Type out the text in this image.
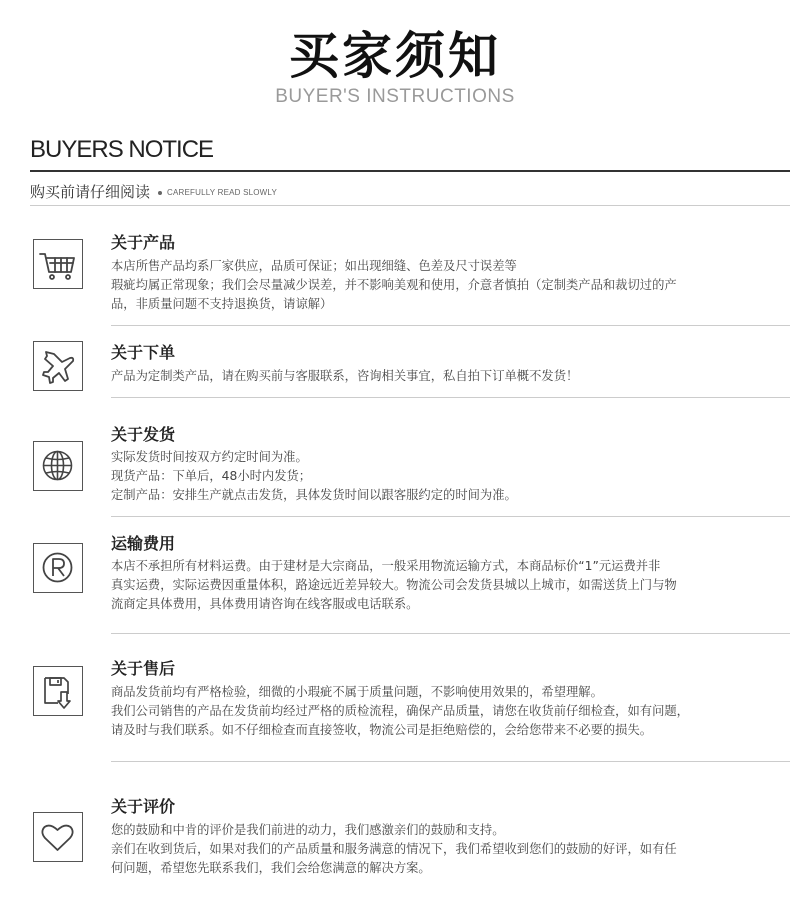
买家须知
BUYER'S INSTRUCTIONS
BUYERS NOTICE
购买前请仔细阅读 CAREFULLY READ SLOWLY
关于产品
本店所售产品均系厂家供应，品质可保证；如出现细缝、色差及尺寸误差等
瑕疵均属正常现象；我们会尽量减少误差，并不影响美观和使用，介意者慎拍（定制类产品和裁切过的产
品，非质量问题不支持退换货，请谅解）
关于下单
产品为定制类产品，请在购买前与客服联系，咨询相关事宜，私自拍下订单概不发货！
关于发货
实际发货时间按双方约定时间为准。
现货产品：下单后，48小时内发货；
定制产品：安排生产就点击发货，具体发货时间以跟客服约定的时间为准。
运输费用
本店不承担所有材料运费。由于建材是大宗商品，一般采用物流运输方式，本商品标价“1”元运费并非
真实运费，实际运费因重量体积，路途远近差异较大。物流公司会发货县城以上城市，如需送货上门与物
流商定具体费用，具体费用请咨询在线客服或电话联系。
关于售后
商品发货前均有严格检验，细微的小瑕疵不属于质量问题，不影响使用效果的，希望理解。
我们公司销售的产品在发货前均经过严格的质检流程，确保产品质量，请您在收货前仔细检查，如有问题，
请及时与我们联系。如不仔细检查而直接签收，物流公司是拒绝赔偿的，会给您带来不必要的损失。
关于评价
您的鼓励和中肯的评价是我们前进的动力，我们感激亲们的鼓励和支持。
亲们在收到货后，如果对我们的产品质量和服务满意的情况下，我们希望收到您们的鼓励的好评，如有任
何问题，希望您先联系我们，我们会给您满意的解决方案。
